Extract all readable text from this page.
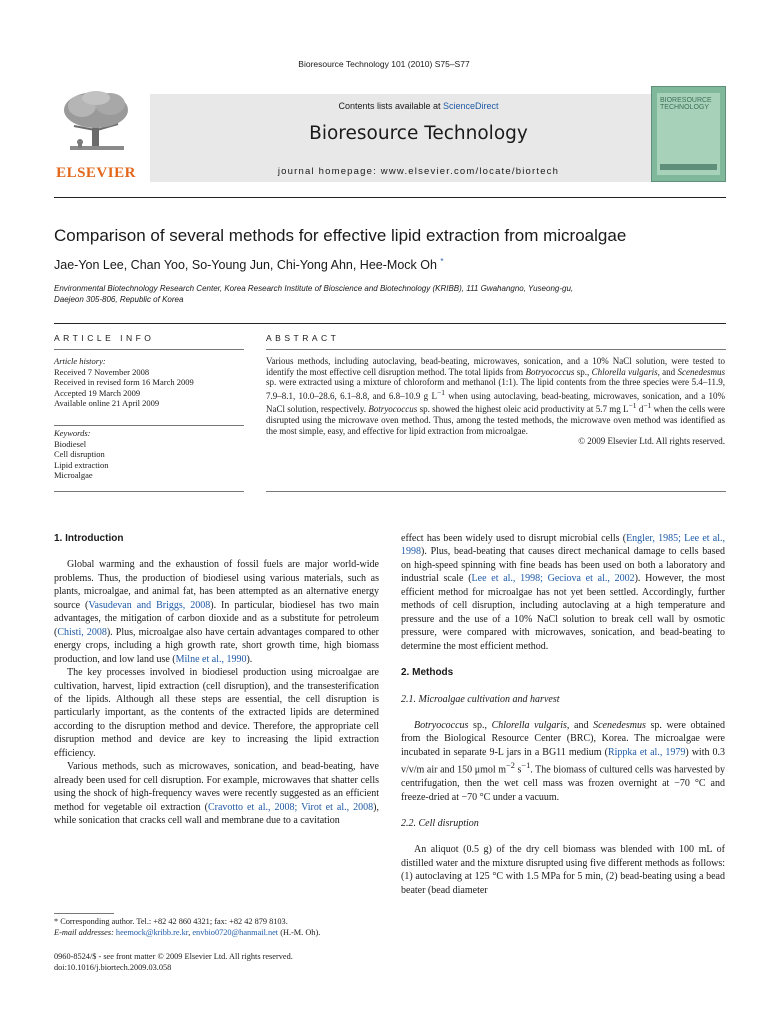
Bioresource Technology 101 (2010) S75–S77
ELSEVIER
Contents lists available at ScienceDirect
Bioresource Technology
journal homepage: www.elsevier.com/locate/biortech
BIORESOURCE TECHNOLOGY
Comparison of several methods for effective lipid extraction from microalgae
Jae-Yon Lee, Chan Yoo, So-Young Jun, Chi-Yong Ahn, Hee-Mock Oh *
Environmental Biotechnology Research Center, Korea Research Institute of Bioscience and Biotechnology (KRIBB), 111 Gwahangno, Yuseong-gu,
Daejeon 305-806, Republic of Korea
ARTICLE INFO	ABSTRACT
Article history:
Received 7 November 2008
Received in revised form 16 March 2009
Accepted 19 March 2009
Available online 21 April 2009
Keywords:
Biodiesel
Cell disruption
Lipid extraction
Microalgae
Various methods, including autoclaving, bead-beating, microwaves, sonication, and a 10% NaCl solution, were tested to identify the most effective cell disruption method. The total lipids from Botryococcus sp., Chlorella vulgaris, and Scenedesmus sp. were extracted using a mixture of chloroform and methanol (1:1). The lipid contents from the three species were 5.4–11.9, 7.9–8.1, 10.0–28.6, 6.1–8.8, and 6.8–10.9 g $L^{-1}$ when using autoclaving, bead-beating, microwaves, sonication, and a 10% NaCl solution, respectively. Botryococcus sp. showed the highest oleic acid productivity at 5.7 mg $L^{-1}$ $d^{-1}$ when the cells were disrupted using the microwave oven method. Thus, among the tested methods, the microwave oven method was identified as the most simple, easy, and effective for lipid extraction from microalgae.
© 2009 Elsevier Ltd. All rights reserved.
1. Introduction

Global warming and the exhaustion of fossil fuels are major world-wide problems. Thus, the production of biodiesel using various materials, such as plants, microalgae, and animal fat, has been attempted as an alternative energy source (Vasudevan and Briggs, 2008). In particular, biodiesel has two main advantages, the mitigation of carbon dioxide and as a substitute for petroleum (Chisti, 2008). Plus, microalgae also have certain advantages compared to other energy crops, including a high growth rate, short growth time, high biomass production, and low land use (Milne et al., 1990).

The key processes involved in biodiesel production using microalgae are cultivation, harvest, lipid extraction (cell disruption), and the transesterification of the lipids. Although all these steps are essential, the cell disruption is particularly important, as the contents of the extracted lipids are determined according to the disruption method and device. Therefore, the appropriate cell disruption method and device are key to increasing the lipid extraction efficiency.

Various methods, such as microwaves, sonication, and bead-beating, have already been used for cell disruption. For example, microwaves that shatter cells using the shock of high-frequency waves were recently suggested as an efficient method for vegetable oil extraction (Cravotto et al., 2008; Virot et al., 2008), while sonication that cracks cell wall and membrane due to a cavitation

* Corresponding author. Tel.: +82 42 860 4321; fax: +82 42 879 8103.
E-mail addresses: heemock@kribb.re.kr, envbio0720@hanmail.net (H.-M. Oh).
0960-8524/$ - see front matter © 2009 Elsevier Ltd. All rights reserved.
doi:10.1016/j.biortech.2009.03.058

effect has been widely used to disrupt microbial cells (Engler, 1985; Lee et al., 1998). Plus, bead-beating that causes direct mechanical damage to cells based on high-speed spinning with fine beads has been used on both a laboratory and industrial scale (Lee et al., 1998; Geciova et al., 2002). However, the most efficient method for microalgae has not yet been settled. Accordingly, further methods of cell disruption, including autoclaving at a high temperature and pressure and the use of a 10% NaCl solution to break cell wall by osmotic pressure, were compared with microwaves, sonication, and bead-beating to determine the most efficient method.

2. Methods
2.1. Microalgae cultivation and harvest

Botryococcus sp., Chlorella vulgaris, and Scenedesmus sp. were obtained from the Biological Resource Center (BRC), Korea. The microalgae were incubated in separate 9-L jars in a BG11 medium (Rippka et al., 1979) with 0.3 v/v/m air and 150 μmol $m^{-2}$ $s^{-1}$. The biomass of cultured cells was harvested by centrifugation, then the wet cell mass was frozen overnight at −70 °C and freeze-dried at −70 °C under a vacuum.

2.2. Cell disruption

An aliquot (0.5 g) of the dry cell biomass was blended with 100 mL of distilled water and the mixture disrupted using five different methods as follows: (1) autoclaving at 125 °C with 1.5 MPa for 5 min, (2) bead-beating using a bead beater (bead diameter
